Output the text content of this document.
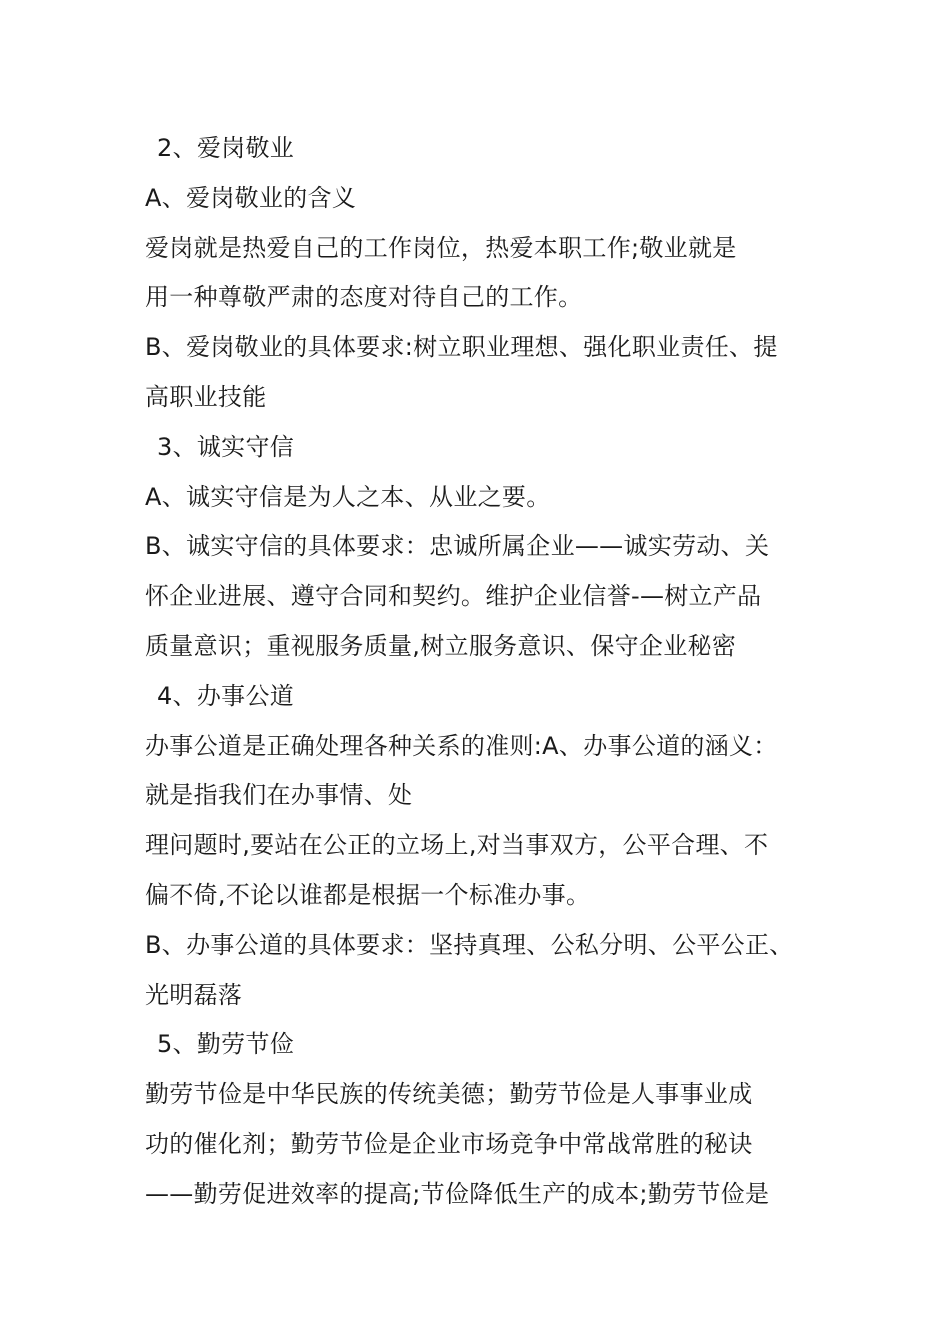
2、爱岗敬业
A、爱岗敬业的含义
爱岗就是热爱自己的工作岗位，热爱本职工作;敬业就是
用一种尊敬严肃的态度对待自己的工作。
B、爱岗敬业的具体要求:树立职业理想、强化职业责任、提
高职业技能
3、诚实守信
A、诚实守信是为人之本、从业之要。
B、诚实守信的具体要求：忠诚所属企业——诚实劳动、关
怀企业进展、遵守合同和契约。维护企业信誉-—树立产品
质量意识；重视服务质量,树立服务意识、保守企业秘密
4、办事公道
办事公道是正确处理各种关系的准则:A、办事公道的涵义：
就是指我们在办事情、处
理问题时,要站在公正的立场上,对当事双方，公平合理、不
偏不倚,不论以谁都是根据一个标准办事。
B、办事公道的具体要求：坚持真理、公私分明、公平公正、
光明磊落
5、勤劳节俭
勤劳节俭是中华民族的传统美德；勤劳节俭是人事事业成
功的催化剂；勤劳节俭是企业市场竞争中常战常胜的秘诀
——勤劳促进效率的提高;节俭降低生产的成本;勤劳节俭是
